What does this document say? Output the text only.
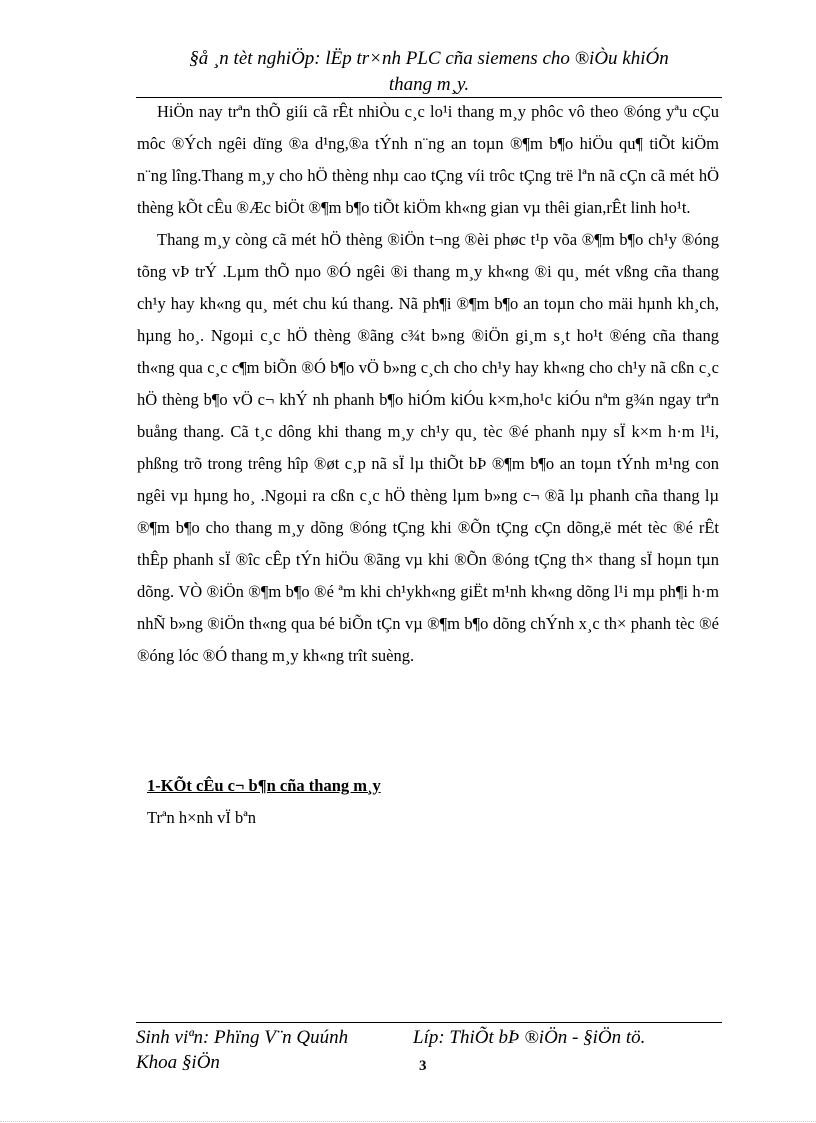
§å ¸n tèt nghiÖp: lËp tr×nh PLC cña siemens cho ®iÒu khiÓn
thang m¸y.

HiÖn nay trªn thÕ giíi cã rÊt nhiÒu c¸c lo¹i thang m¸y phôc vô theo ®óng yªu cÇu môc ®Ých ngêi dïng ®a d¹ng,®a tÝnh n¨ng an toµn ®¶m b¶o hiÖu qu¶ tiÕt kiÖm n¨ng lîng.Thang m¸y cho hÖ thèng nhµ cao tÇng víi trôc tÇng trë lªn nã cÇn cã mét hÖ thèng kÕt cÊu ®Æc biÖt ®¶m b¶o tiÕt kiÖm kh«ng gian vµ thêi gian,rÊt linh ho¹t.

Thang m¸y còng cã mét hÖ thèng ®iÖn t¬ng ®èi phøc t¹p võa ®¶m b¶o ch¹y ®óng tõng vÞ trÝ .Lµm thÕ nµo ®Ó ngêi ®i thang m¸y kh«ng ®i qu¸ mét vßng cña thang ch¹y hay kh«ng qu¸ mét chu kú thang. Nã ph¶i ®¶m b¶o an toµn cho mäi hµnh kh¸ch, hµng ho¸. Ngoµi c¸c hÖ thèng ®ãng c¾t b»ng ®iÖn gi¸m s¸t ho¹t ®éng cña thang th«ng qua c¸c c¶m biÕn ®Ó b¶o vÖ b»ng c¸ch cho ch¹y hay kh«ng cho ch¹y nã cßn c¸c hÖ thèng b¶o vÖ c¬ khÝ nh phanh b¶o hiÓm kiÓu k×m,ho¹c kiÓu nªm g¾n ngay trªn buång thang. Cã t¸c dông khi thang m¸y ch¹y qu¸ tèc ®é phanh nµy sÏ k×m h·m l¹i, phßng trõ trong trêng hîp ®øt c¸p nã sÏ lµ thiÕt bÞ ®¶m b¶o an toµn tÝnh m¹ng con ngêi vµ hµng ho¸ .Ngoµi ra cßn c¸c hÖ thèng lµm b»ng c¬ ®ã lµ phanh cña thang lµ ®¶m b¶o cho thang m¸y dõng ®óng tÇng khi ®Õn tÇng cÇn dõng,ë mét tèc ®é rÊt thÊp phanh sÏ ®îc cÊp tÝn hiÖu ®ãng vµ khi ®Õn ®óng tÇng th× thang sÏ hoµn tµn dõng. VÒ ®iÖn ®¶m b¶o ®é ªm khi ch¹ykh«ng giËt m¹nh kh«ng dõng l¹i mµ ph¶i h·m nhÑ b»ng ®iÖn th«ng qua bé biÕn tÇn vµ ®¶m b¶o dõng chÝnh x¸c th× phanh tèc ®é ®óng lóc ®Ó thang m¸y kh«ng trît suèng.

1-KÕt cÊu c¬ b¶n cña thang m¸y
Trªn h×nh vÏ bªn
Sinh viªn: Phïng V¨n Quúnh	Líp: ThiÕt bÞ ®iÖn - §iÖn tö.
Khoa §iÖn	3
